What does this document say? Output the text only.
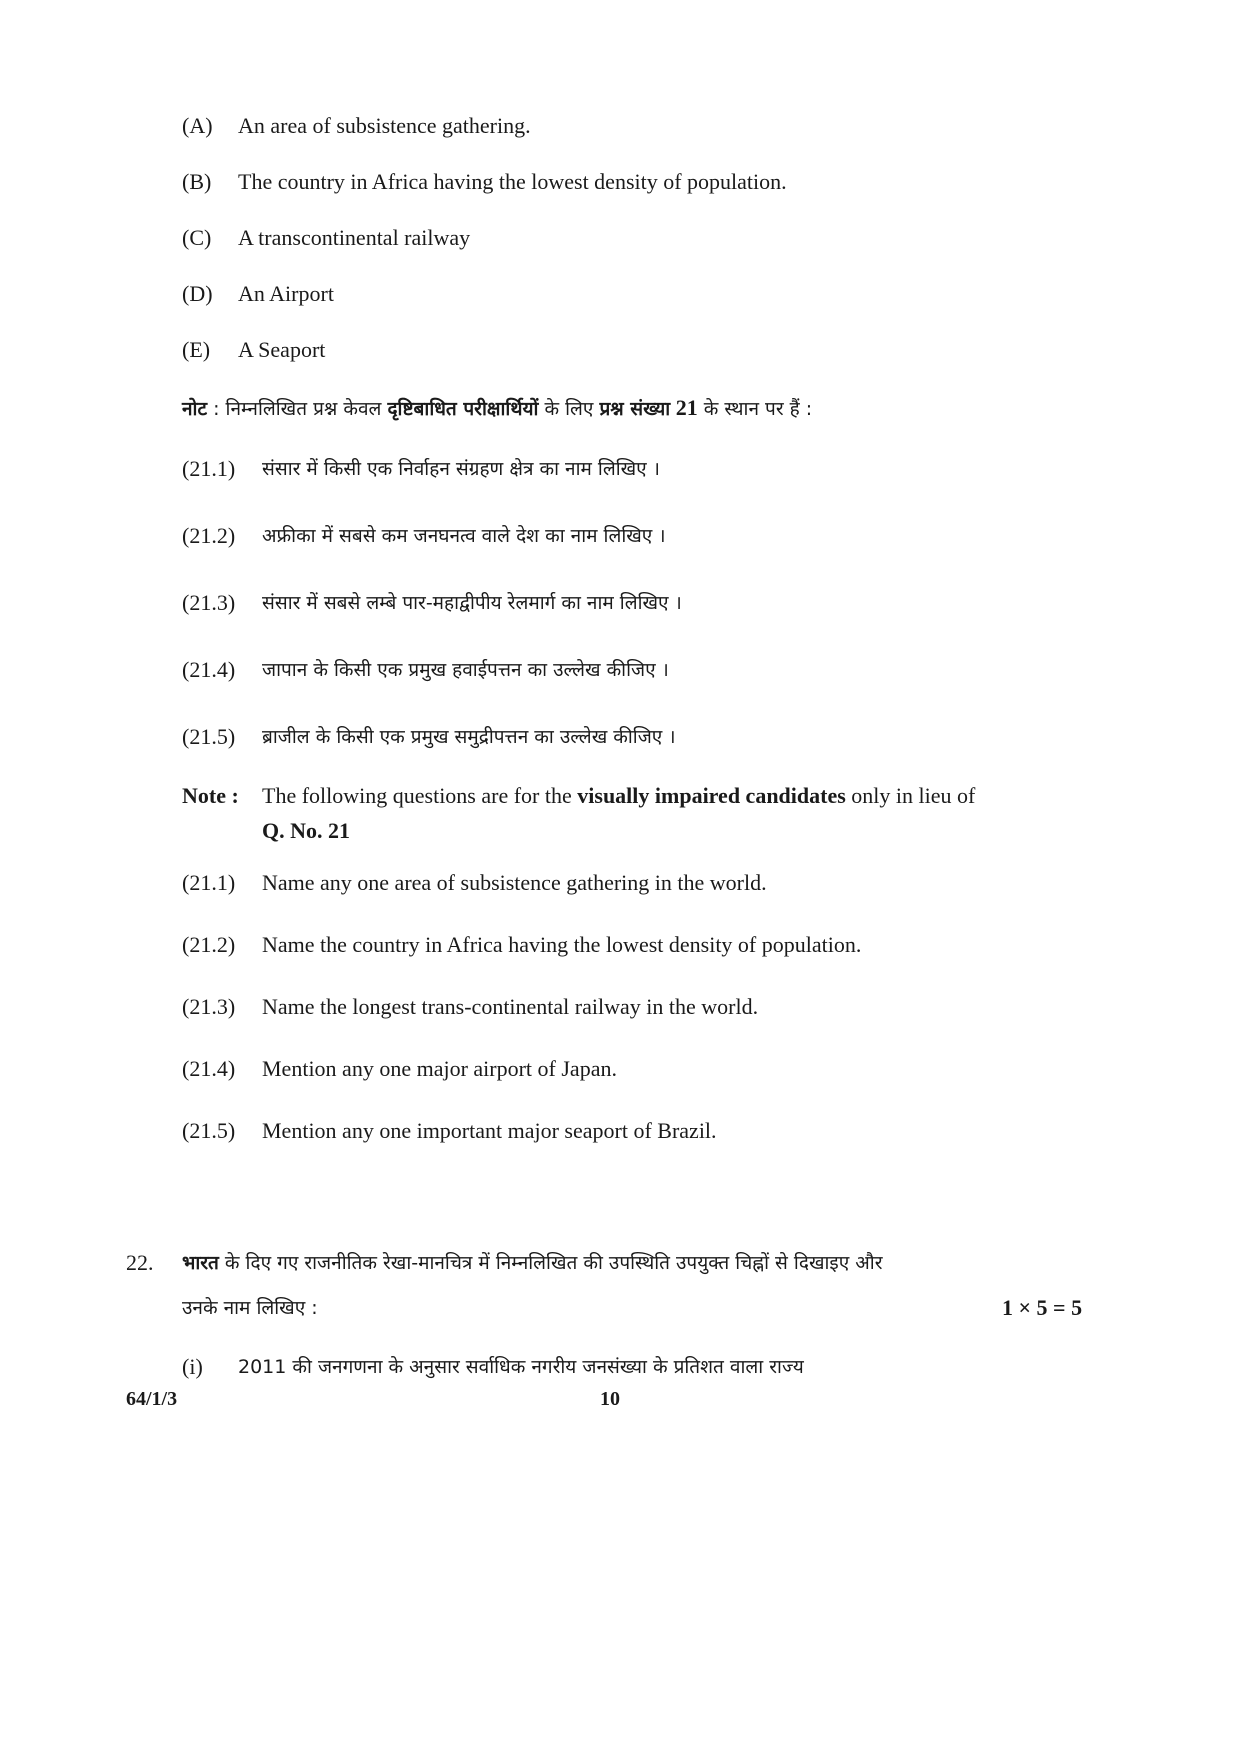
(A) An area of subsistence gathering.
(B) The country in Africa having the lowest density of population.
(C) A transcontinental railway
(D) An Airport
(E) A Seaport
नोट : निम्नलिखित प्रश्न केवल दृष्टिबाधित परीक्षार्थियों के लिए प्रश्न संख्या 21 के स्थान पर हैं :
(21.1) संसार में किसी एक निर्वाहन संग्रहण क्षेत्र का नाम लिखिए ।
(21.2) अफ्रीका में सबसे कम जनघनत्व वाले देश का नाम लिखिए ।
(21.3) संसार में सबसे लम्बे पार-महाद्वीपीय रेलमार्ग का नाम लिखिए ।
(21.4) जापान के किसी एक प्रमुख हवाईपत्तन का उल्लेख कीजिए ।
(21.5) ब्राजील के किसी एक प्रमुख समुद्रीपत्तन का उल्लेख कीजिए ।
Note : The following questions are for the visually impaired candidates only in lieu of
Q. No. 21
(21.1) Name any one area of subsistence gathering in the world.
(21.2) Name the country in Africa having the lowest density of population.
(21.3) Name the longest trans-continental railway in the world.
(21.4) Mention any one major airport of Japan.
(21.5) Mention any one important major seaport of Brazil.
22. भारत के दिए गए राजनीतिक रेखा-मानचित्र में निम्नलिखित की उपस्थिति उपयुक्त चिह्नों से दिखाइए और
उनके नाम लिखिए :	1 × 5 = 5
(i) 2011 की जनगणना के अनुसार सर्वाधिक नगरीय जनसंख्या के प्रतिशत वाला राज्य
64/1/3	10
